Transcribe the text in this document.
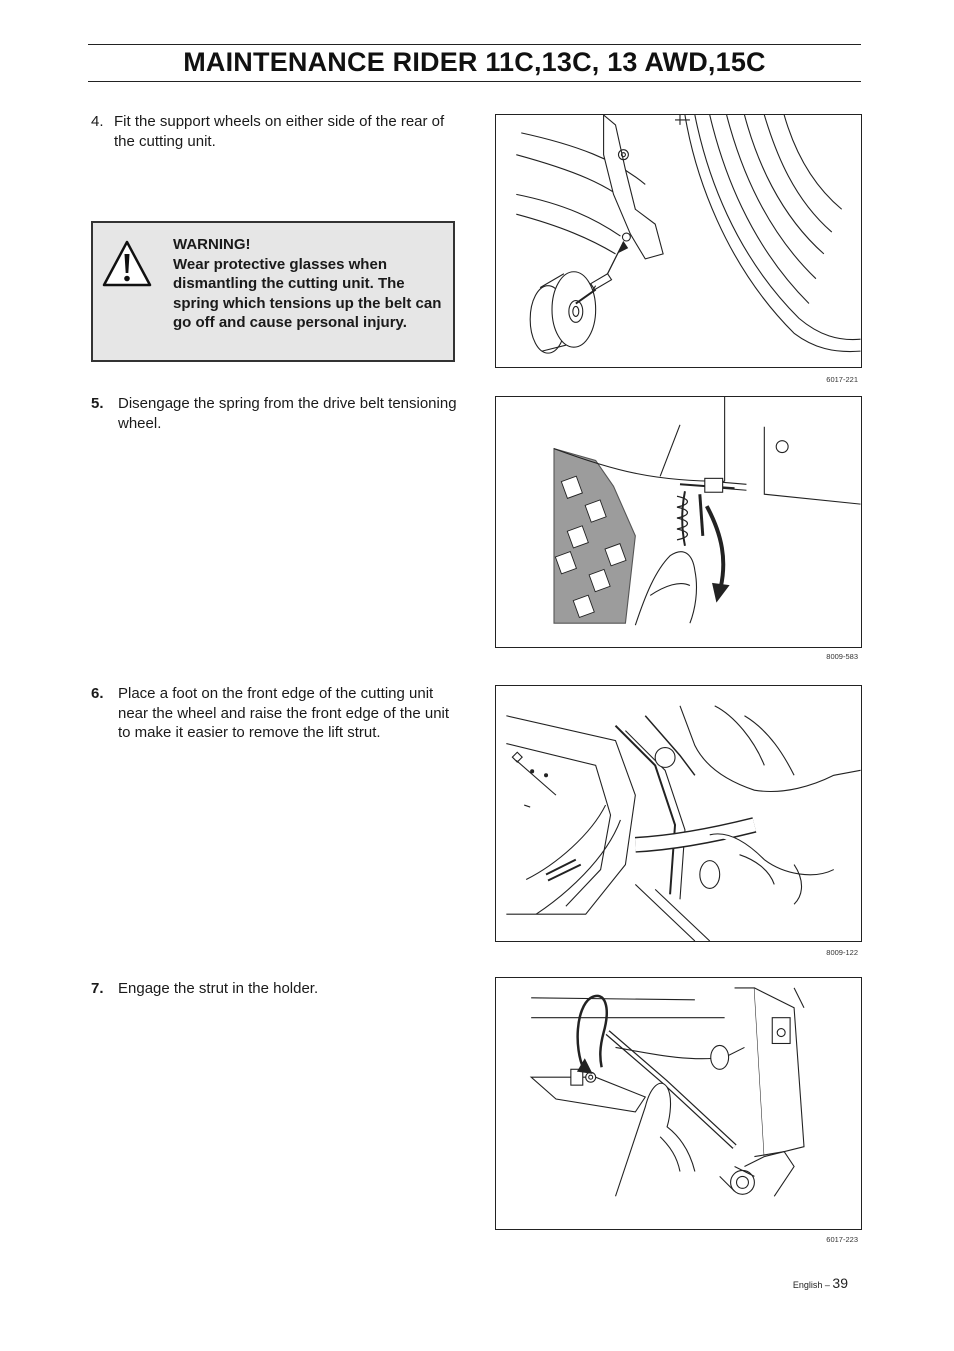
MAINTENANCE RIDER 11C,13C, 13 AWD,15C
4. Fit the support wheels on either side of the rear of the cutting unit.
WARNING!
Wear protective glasses when dismantling the cutting unit. The spring which tensions up the belt can go off and cause personal injury.
5. Disengage the spring from the drive belt tensioning wheel.
6. Place a foot on the front edge of the cutting unit near the wheel and raise the front edge of the unit to make it easier to remove the lift strut.
7. Engage the strut in the holder.
6017-221
8009-583
8009-122
6017-223
English – 39
